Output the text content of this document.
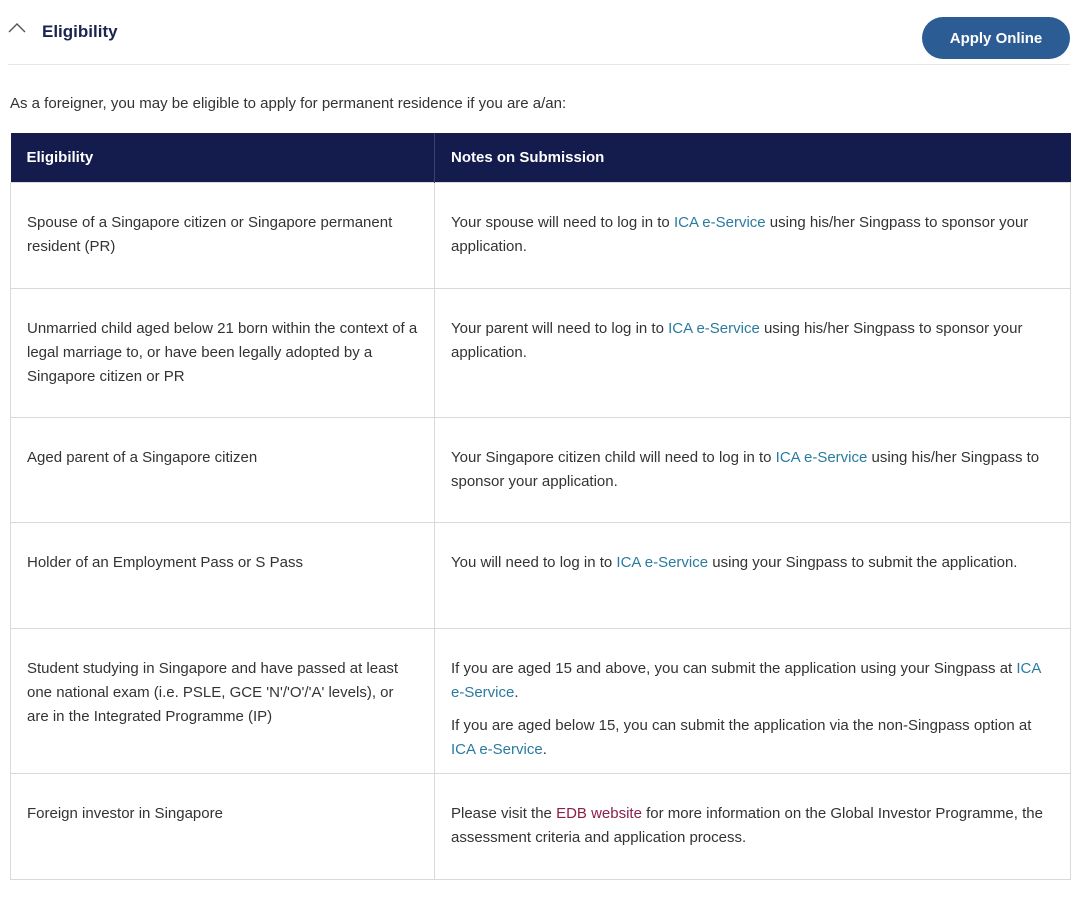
Eligibility	Apply Online
As a foreigner, you may be eligible to apply for permanent residence if you are a/an:
Eligibility	Notes on Submission
Spouse of a Singapore citizen or Singapore permanent resident (PR)	Your spouse will need to log in to ICA e-Service using his/her Singpass to sponsor your application.

Unmarried child aged below 21 born within the context of a legal marriage to, or have been legally adopted by a Singapore citizen or PR	Your parent will need to log in to ICA e-Service using his/her Singpass to sponsor your application.

Aged parent of a Singapore citizen	Your Singapore citizen child will need to log in to ICA e-Service using his/her Singpass to sponsor your application.

Holder of an Employment Pass or S Pass	You will need to log in to ICA e-Service using your Singpass to submit the application.

Student studying in Singapore and have passed at least one national exam (i.e. PSLE, GCE 'N'/'O'/'A' levels), or are in the Integrated Programme (IP)	If you are aged 15 and above, you can submit the application using your Singpass at ICA e-Service.

If you are aged below 15, you can submit the application via the non-Singpass option at ICA e-Service.

Foreign investor in Singapore	Please visit the EDB website for more information on the Global Investor Programme, the assessment criteria and application process.
